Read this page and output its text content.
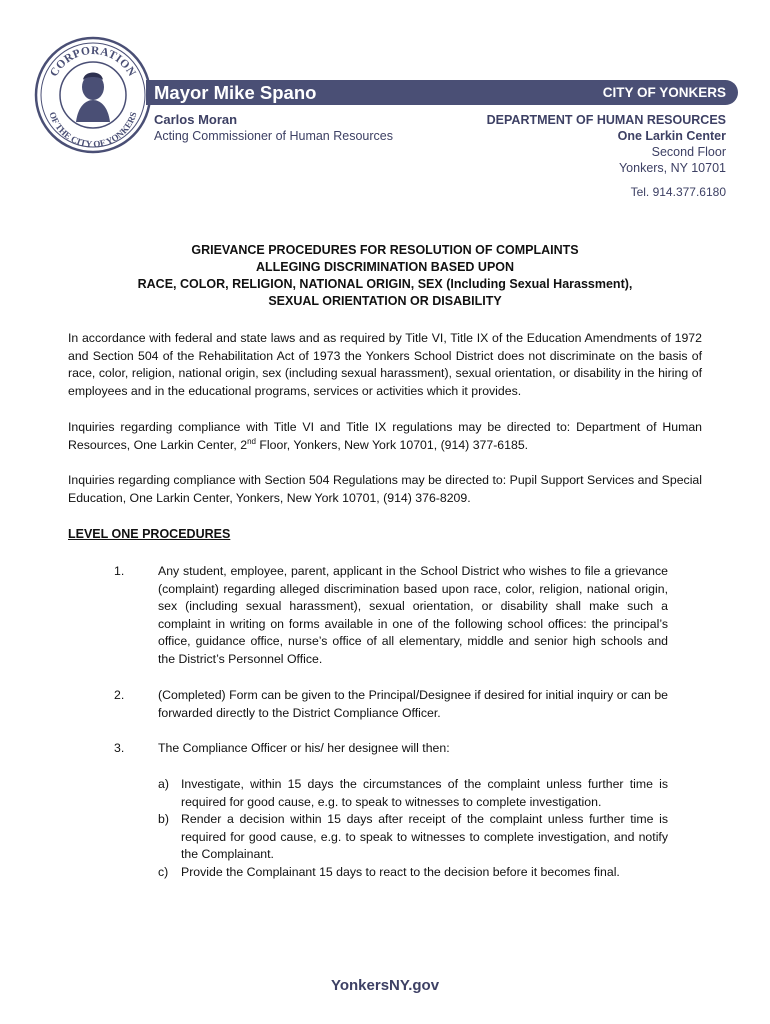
CORPORATION
OF THE CITY OF YONKERS
Mayor Mike Spano	CITY OF YONKERS
Carlos Moran
Acting Commissioner of Human Resources
DEPARTMENT OF HUMAN RESOURCES
One Larkin Center
Second Floor
Yonkers, NY 10701
Tel. 914.377.6180
GRIEVANCE PROCEDURES FOR RESOLUTION OF COMPLAINTS
ALLEGING DISCRIMINATION BASED UPON
RACE, COLOR, RELIGION, NATIONAL ORIGIN, SEX (Including Sexual Harassment),
SEXUAL ORIENTATION OR DISABILITY
In accordance with federal and state laws and as required by Title VI, Title IX of the Education Amendments of 1972 and Section 504 of the Rehabilitation Act of 1973 the Yonkers School District does not discriminate on the basis of race, color, religion, national origin, sex (including sexual harassment), sexual orientation, or disability in the hiring of employees and in the educational programs, services or activities which it provides.
Inquiries regarding compliance with Title VI and Title IX regulations may be directed to: Department of Human Resources, One Larkin Center, 2nd Floor, Yonkers, New York 10701, (914) 377-6185.
Inquiries regarding compliance with Section 504 Regulations may be directed to: Pupil Support Services and Special Education, One Larkin Center, Yonkers, New York 10701, (914) 376-8209.
LEVEL ONE PROCEDURES
1.	Any student, employee, parent, applicant in the School District who wishes to file a grievance (complaint) regarding alleged discrimination based upon race, color, religion, national origin, sex (including sexual harassment), sexual orientation, or disability shall make such a complaint in writing on forms available in one of the following school offices: the principal’s office, guidance office, nurse’s office of all elementary, middle and senior high schools and the District’s Personnel Office.
2.	(Completed) Form can be given to the Principal/Designee if desired for initial inquiry or can be forwarded directly to the District Compliance Officer.
3.	The Compliance Officer or his/ her designee will then:
a) Investigate, within 15 days the circumstances of the complaint unless further time is required for good cause, e.g. to speak to witnesses to complete investigation.
b) Render a decision within 15 days after receipt of the complaint unless further time is required for good cause, e.g. to speak to witnesses to complete investigation, and notify the Complainant.
c) Provide the Complainant 15 days to react to the decision before it becomes final.
YonkersNY.gov
